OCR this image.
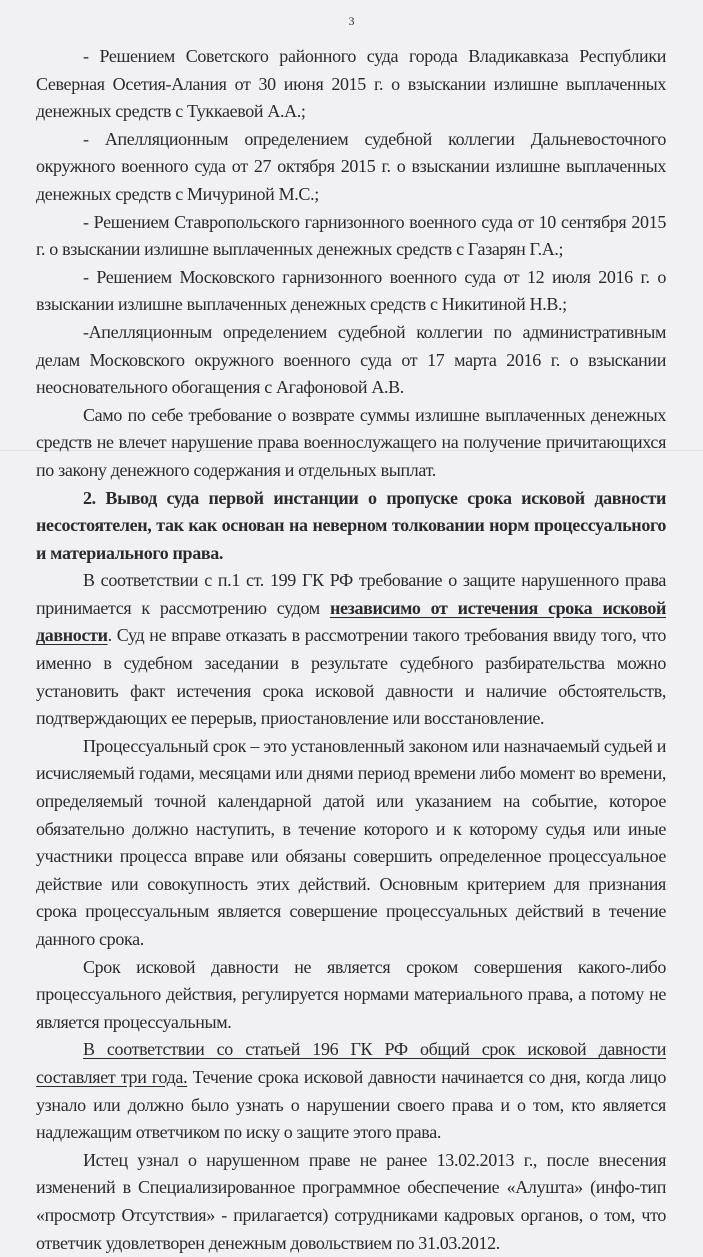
3

- Решением Советского районного суда города Владикавказа Республики Северная Осетия-Алания от 30 июня 2015 г. о взыскании излишне выплаченных денежных средств с Туккаевой А.А.;

- Апелляционным определением судебной коллегии Дальневосточного окружного военного суда от 27 октября 2015 г. о взыскании излишне выплаченных денежных средств с Мичуриной М.С.;

- Решением Ставропольского гарнизонного военного суда от 10 сентября 2015 г. о взыскании излишне выплаченных денежных средств с Газарян Г.А.;

- Решением Московского гарнизонного военного суда от 12 июля 2016 г. о взыскании излишне выплаченных денежных средств с Никитиной Н.В.;

-Апелляционным определением судебной коллегии по административным делам Московского окружного военного суда от 17 марта 2016 г. о взыскании неосновательного обогащения с Агафоновой А.В.

Само по себе требование о возврате суммы излишне выплаченных денежных средств не влечет нарушение права военнослужащего на получение причитающихся по закону денежного содержания и отдельных выплат.

2. Вывод суда первой инстанции о пропуске срока исковой давности несостоятелен, так как основан на неверном толковании норм процессуального и материального права.

В соответствии с п.1 ст. 199 ГК РФ требование о защите нарушенного права принимается к рассмотрению судом независимо от истечения срока исковой давности. Суд не вправе отказать в рассмотрении такого требования ввиду того, что именно в судебном заседании в результате судебного разбирательства можно установить факт истечения срока исковой давности и наличие обстоятельств, подтверждающих ее перерыв, приостановление или восстановление.

Процессуальный срок – это установленный законом или назначаемый судьей и исчисляемый годами, месяцами или днями период времени либо момент во времени, определяемый точной календарной датой или указанием на событие, которое обязательно должно наступить, в течение которого и к которому судья или иные участники процесса вправе или обязаны совершить определенное процессуальное действие или совокупность этих действий. Основным критерием для признания срока процессуальным является совершение процессуальных действий в течение данного срока.

Срок исковой давности не является сроком совершения какого-либо процессуального действия, регулируется нормами материального права, а потому не является процессуальным.

В соответствии со статьей 196 ГК РФ общий срок исковой давности составляет три года. Течение срока исковой давности начинается со дня, когда лицо узнало или должно было узнать о нарушении своего права и о том, кто является надлежащим ответчиком по иску о защите этого права.

Истец узнал о нарушенном праве не ранее 13.02.2013 г., после внесения изменений в Специализированное программное обеспечение «Алушта» (инфо-тип «просмотр Отсутствия» - прилагается) сотрудниками кадровых органов, о том, что ответчик удовлетворен денежным довольствием по 31.03.2012.
